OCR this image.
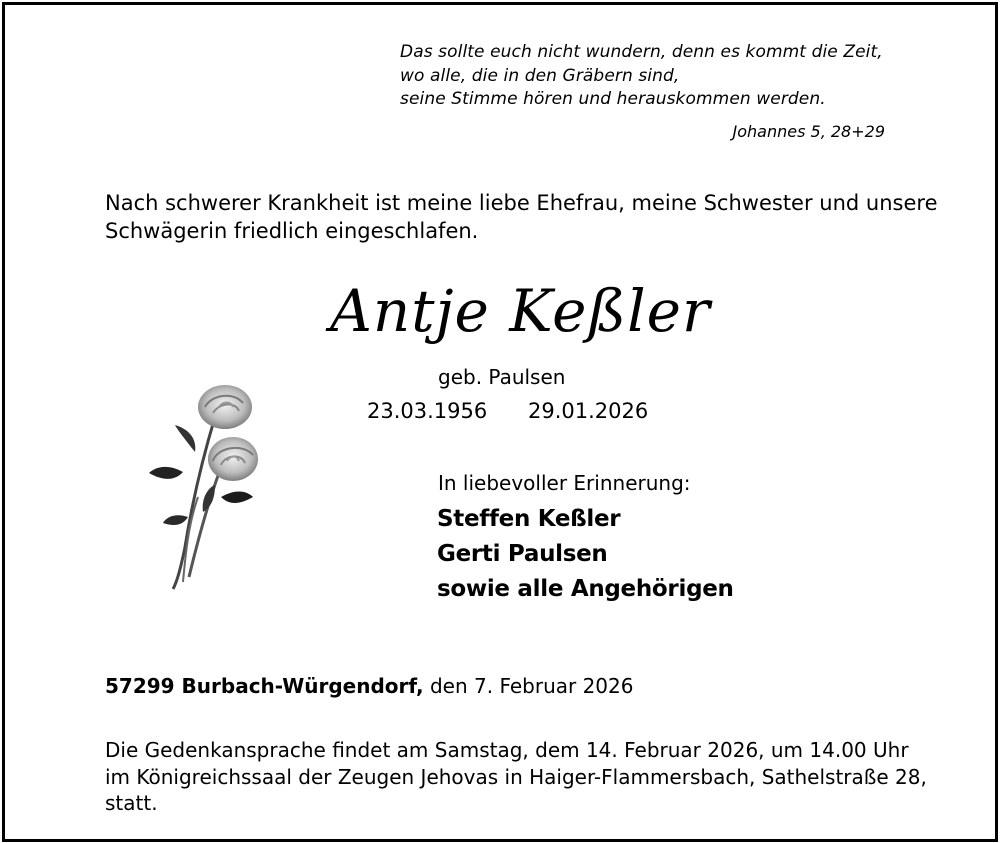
Das sollte euch nicht wundern, denn es kommt die Zeit,
wo alle, die in den Gräbern sind,
seine Stimme hören und herauskommen werden.
Johannes 5, 28+29
Nach schwerer Krankheit ist meine liebe Ehefrau, meine Schwester und unsere
Schwägerin friedlich eingeschlafen.
Antje Keßler
geb. Paulsen
23.03.1956 29.01.2026
In liebevoller Erinnerung:
Steffen Keßler
Gerti Paulsen
sowie alle Angehörigen
57299 Burbach-Würgendorf, den 7. Februar 2026
Die Gedenkansprache findet am Samstag, dem 14. Februar 2026, um 14.00 Uhr
im Königreichssaal der Zeugen Jehovas in Haiger-Flammersbach, Sathelstraße 28,
statt.
